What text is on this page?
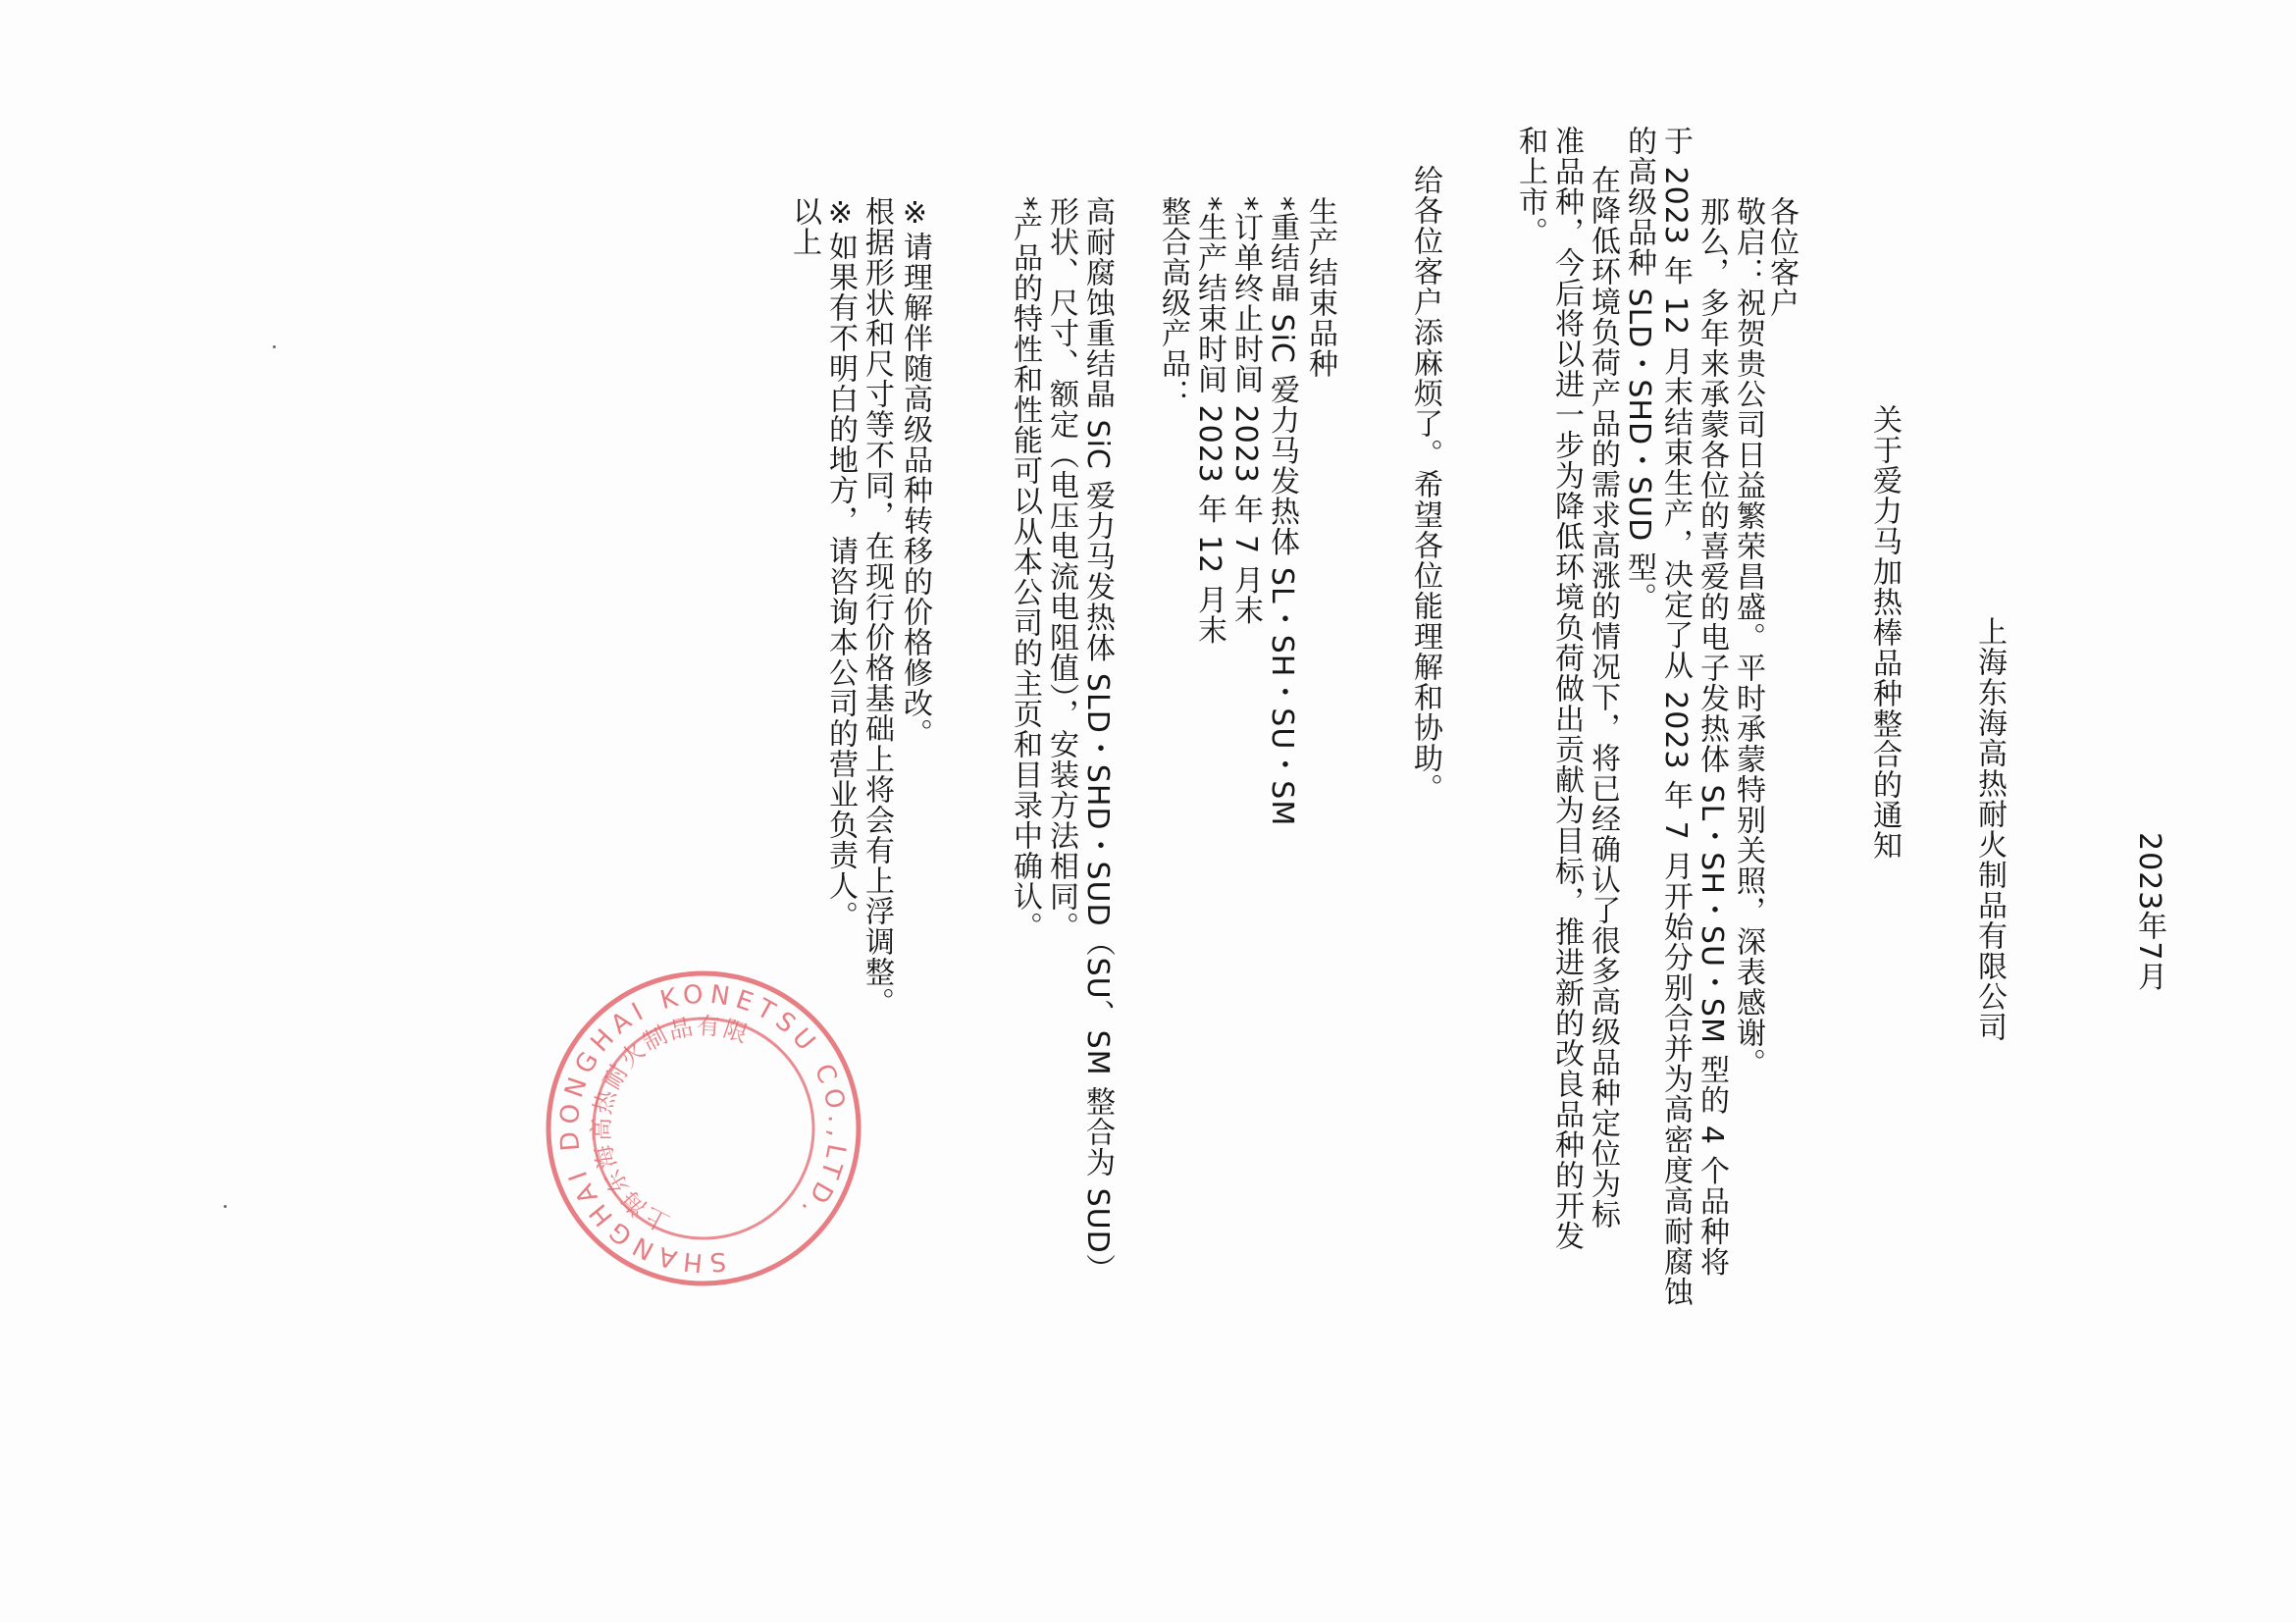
2023年7月
上海东海高热耐火制品有限公司
关于爱力马加热棒品种整合的通知
各位客户
敬启：祝贺贵公司日益繁荣昌盛。平时承蒙特别关照，深表感谢。
那么，多年来承蒙各位的喜爱的电子发热体 SL・SH・SU・SM 型的 4 个品种将
于 2023 年 12 月末结束生产，决定了从 2023 年 7 月开始分别合并为高密度高耐腐蚀
的高级品种 SLD・SHD・SUD 型。
在降低环境负荷产品的需求高涨的情况下，将已经确认了很多高级品种定位为标
准品种，今后将以进一步为降低环境负荷做出贡献为目标，推进新的改良品种的开发
和上市。
给各位客户添麻烦了。希望各位能理解和协助。
生产结束品种
*重结晶 SiC 爱力马发热体 SL・SH・SU・SM
*订单终止时间 2023 年 7 月末
*生产结束时间 2023 年 12 月末
整合高级产品：
高耐腐蚀重结晶 SiC 爱力马发热体 SLD・SHD・SUD（SU、SM 整合为 SUD）
形状、尺寸、额定（电压电流电阻值），安装方法相同。
*产品的特性和性能可以从本公司的主页和目录中确认。
※请理解伴随高级品种转移的价格修改。
根据形状和尺寸等不同，在现行价格基础上将会有上浮调整。
※如果有不明白的地方，请咨询本公司的营业负责人。
以上
SHANGHAI DONGHAI KONETSU CO.,LTD.
上海东海高热耐火制品有限公司
